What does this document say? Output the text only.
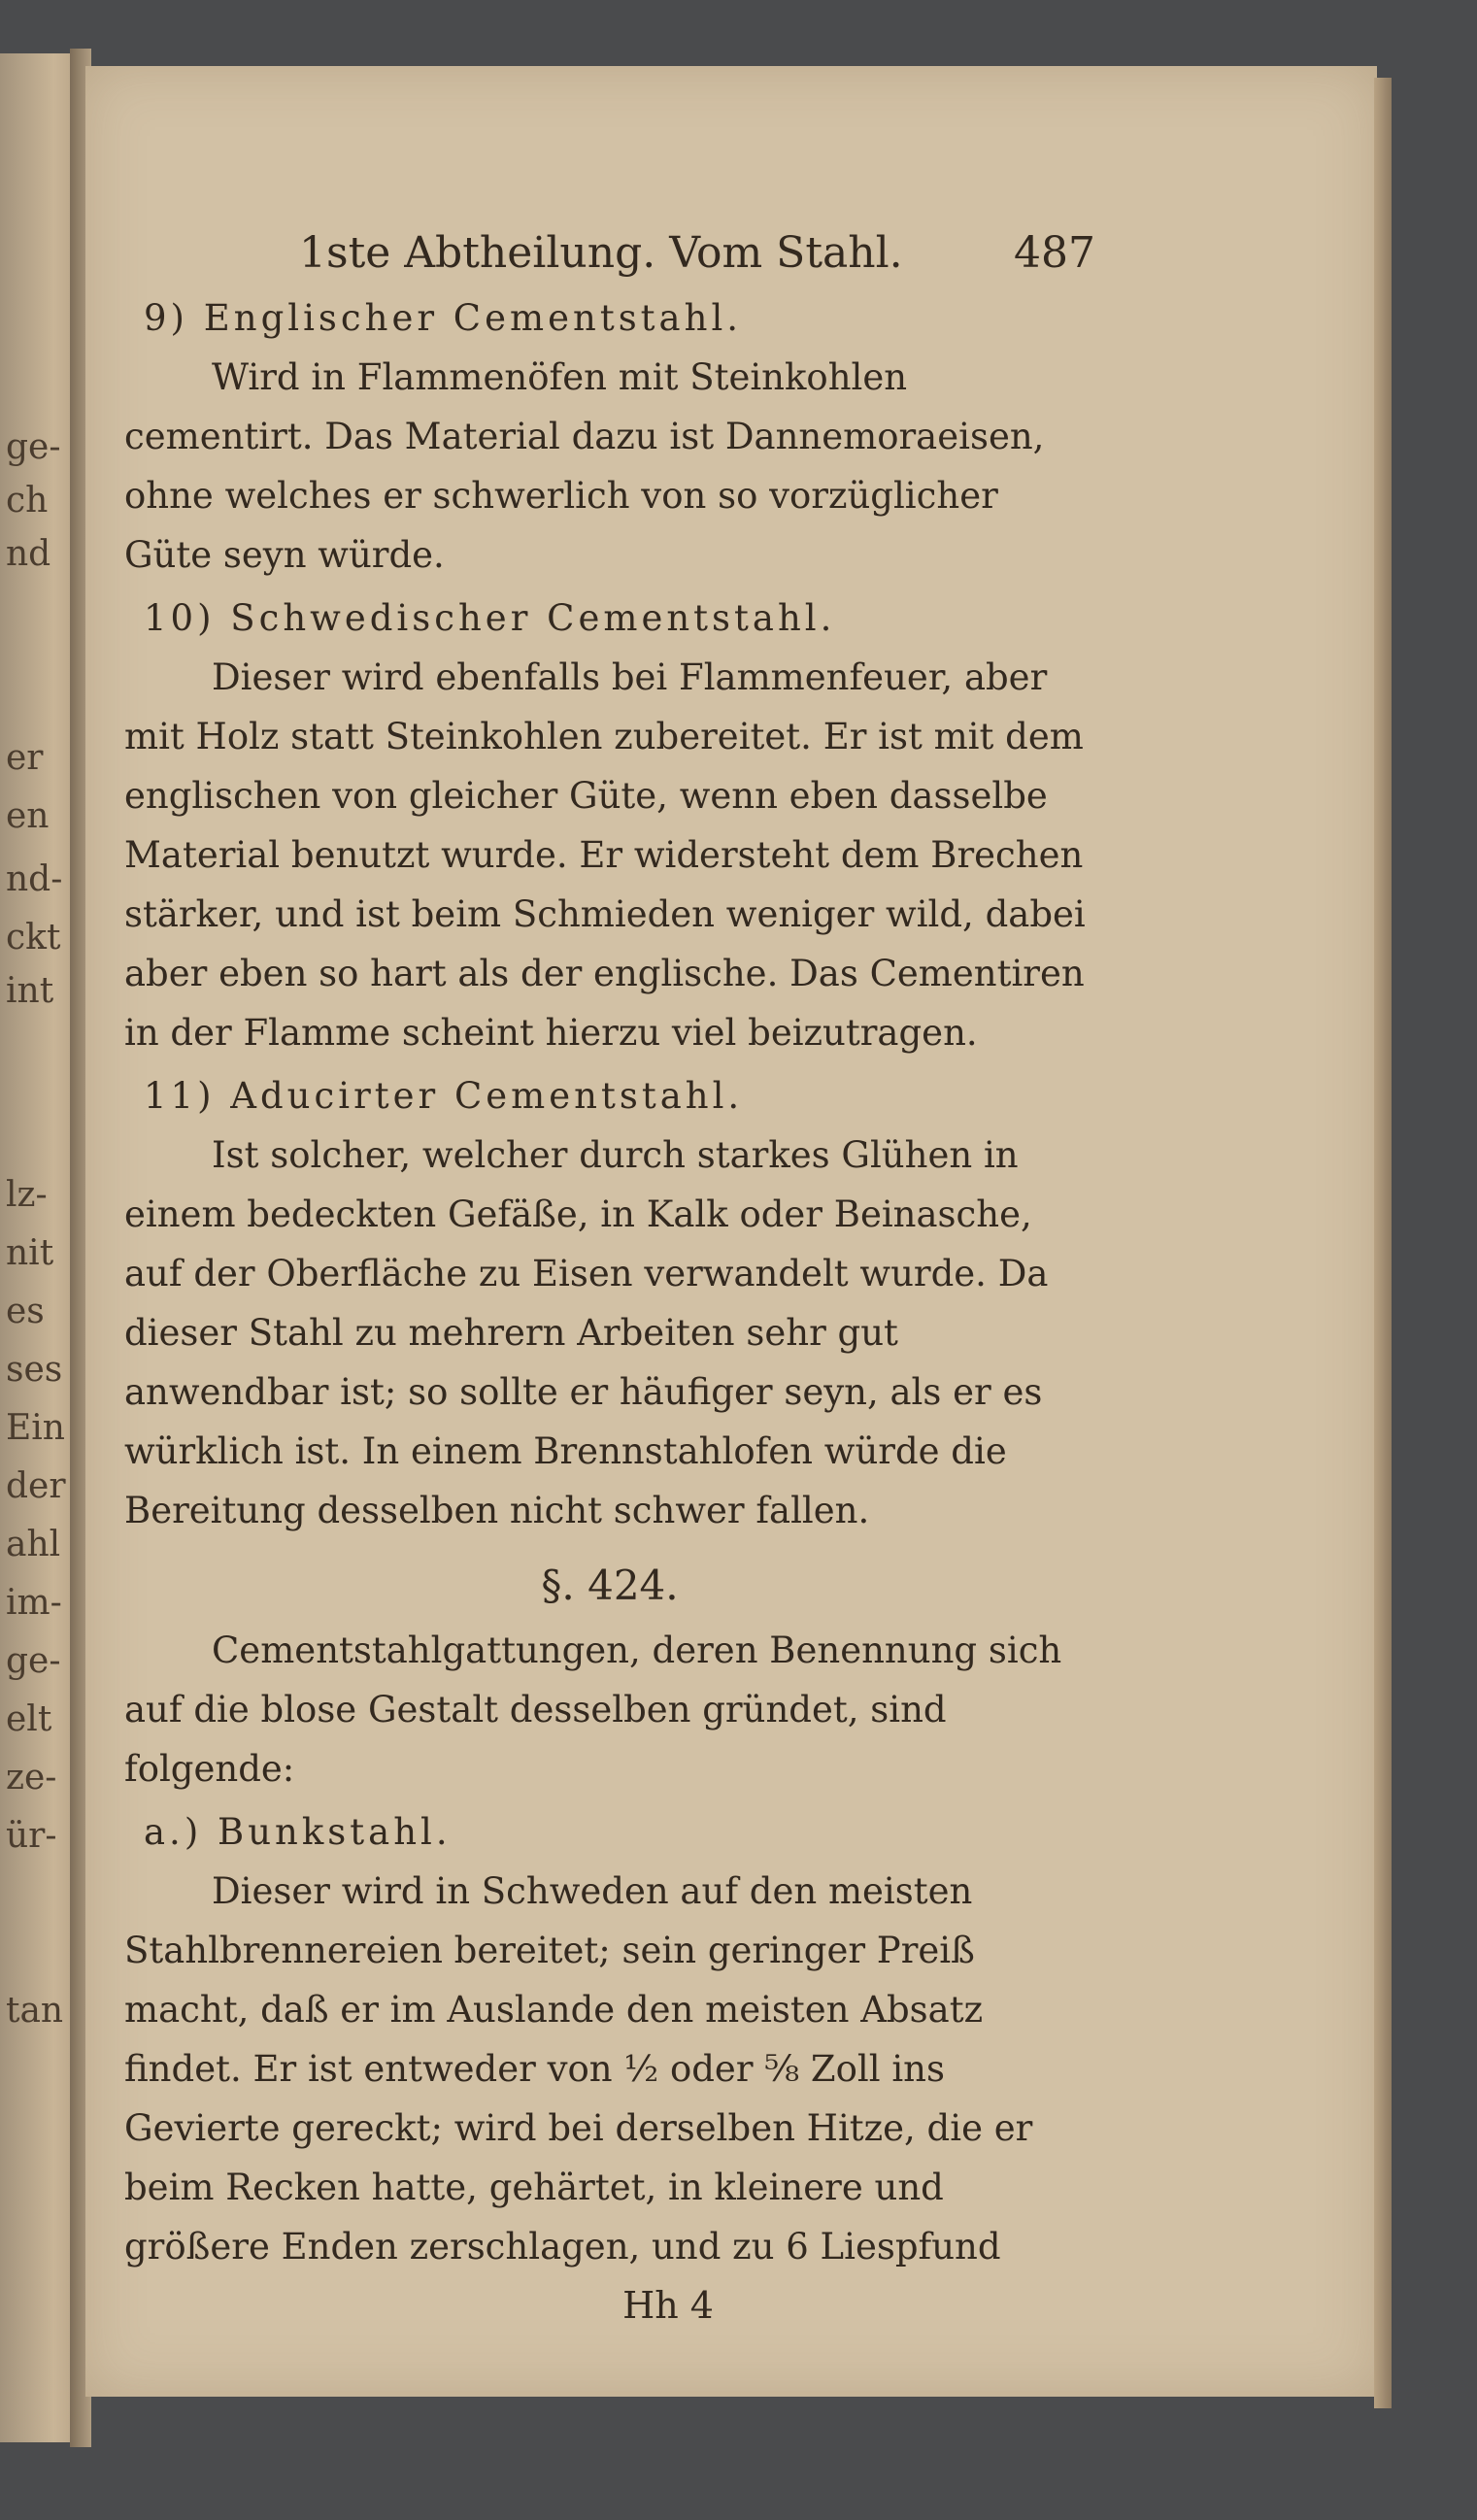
ge-
ch
nd
er
en
nd-
ckt
int
lz-
nit
es
ses
Ein
der
ahl
im-
ge-
elt
ze-
ür-
tan
1ste Abtheilung. Vom Stahl.	487
9) Englischer Cementstahl.

Wird in Flammenöfen mit Steinkohlen cementirt. Das Material dazu ist Dannemoraeisen, ohne welches er schwerlich von so vorzüglicher Güte seyn würde.

10) Schwedischer Cementstahl.

Dieser wird ebenfalls bei Flammenfeuer, aber mit Holz statt Steinkohlen zubereitet. Er ist mit dem englischen von gleicher Güte, wenn eben dasselbe Material benutzt wurde. Er widersteht dem Brechen stärker, und ist beim Schmieden weniger wild, dabei aber eben so hart als der englische. Das Cementiren in der Flamme scheint hierzu viel beizutragen.

11) Aducirter Cementstahl.

Ist solcher, welcher durch starkes Glühen in einem bedeckten Gefäße, in Kalk oder Beinasche, auf der Oberfläche zu Eisen verwandelt wurde. Da dieser Stahl zu mehrern Arbeiten sehr gut anwendbar ist; so sollte er häufiger seyn, als er es würklich ist. In einem Brennstahlofen würde die Bereitung desselben nicht schwer fallen.

§. 424.

Cementstahlgattungen, deren Benennung sich auf die blose Gestalt desselben gründet, sind folgende:

a.) Bunkstahl.

Dieser wird in Schweden auf den meisten Stahlbrennereien bereitet; sein geringer Preiß macht, daß er im Auslande den meisten Absatz findet. Er ist entweder von ½ oder ⅝ Zoll ins Gevierte gereckt; wird bei derselben Hitze, die er beim Recken hatte, gehärtet, in kleinere und größere Enden zerschlagen, und zu 6 Liespfund

Hh 4
